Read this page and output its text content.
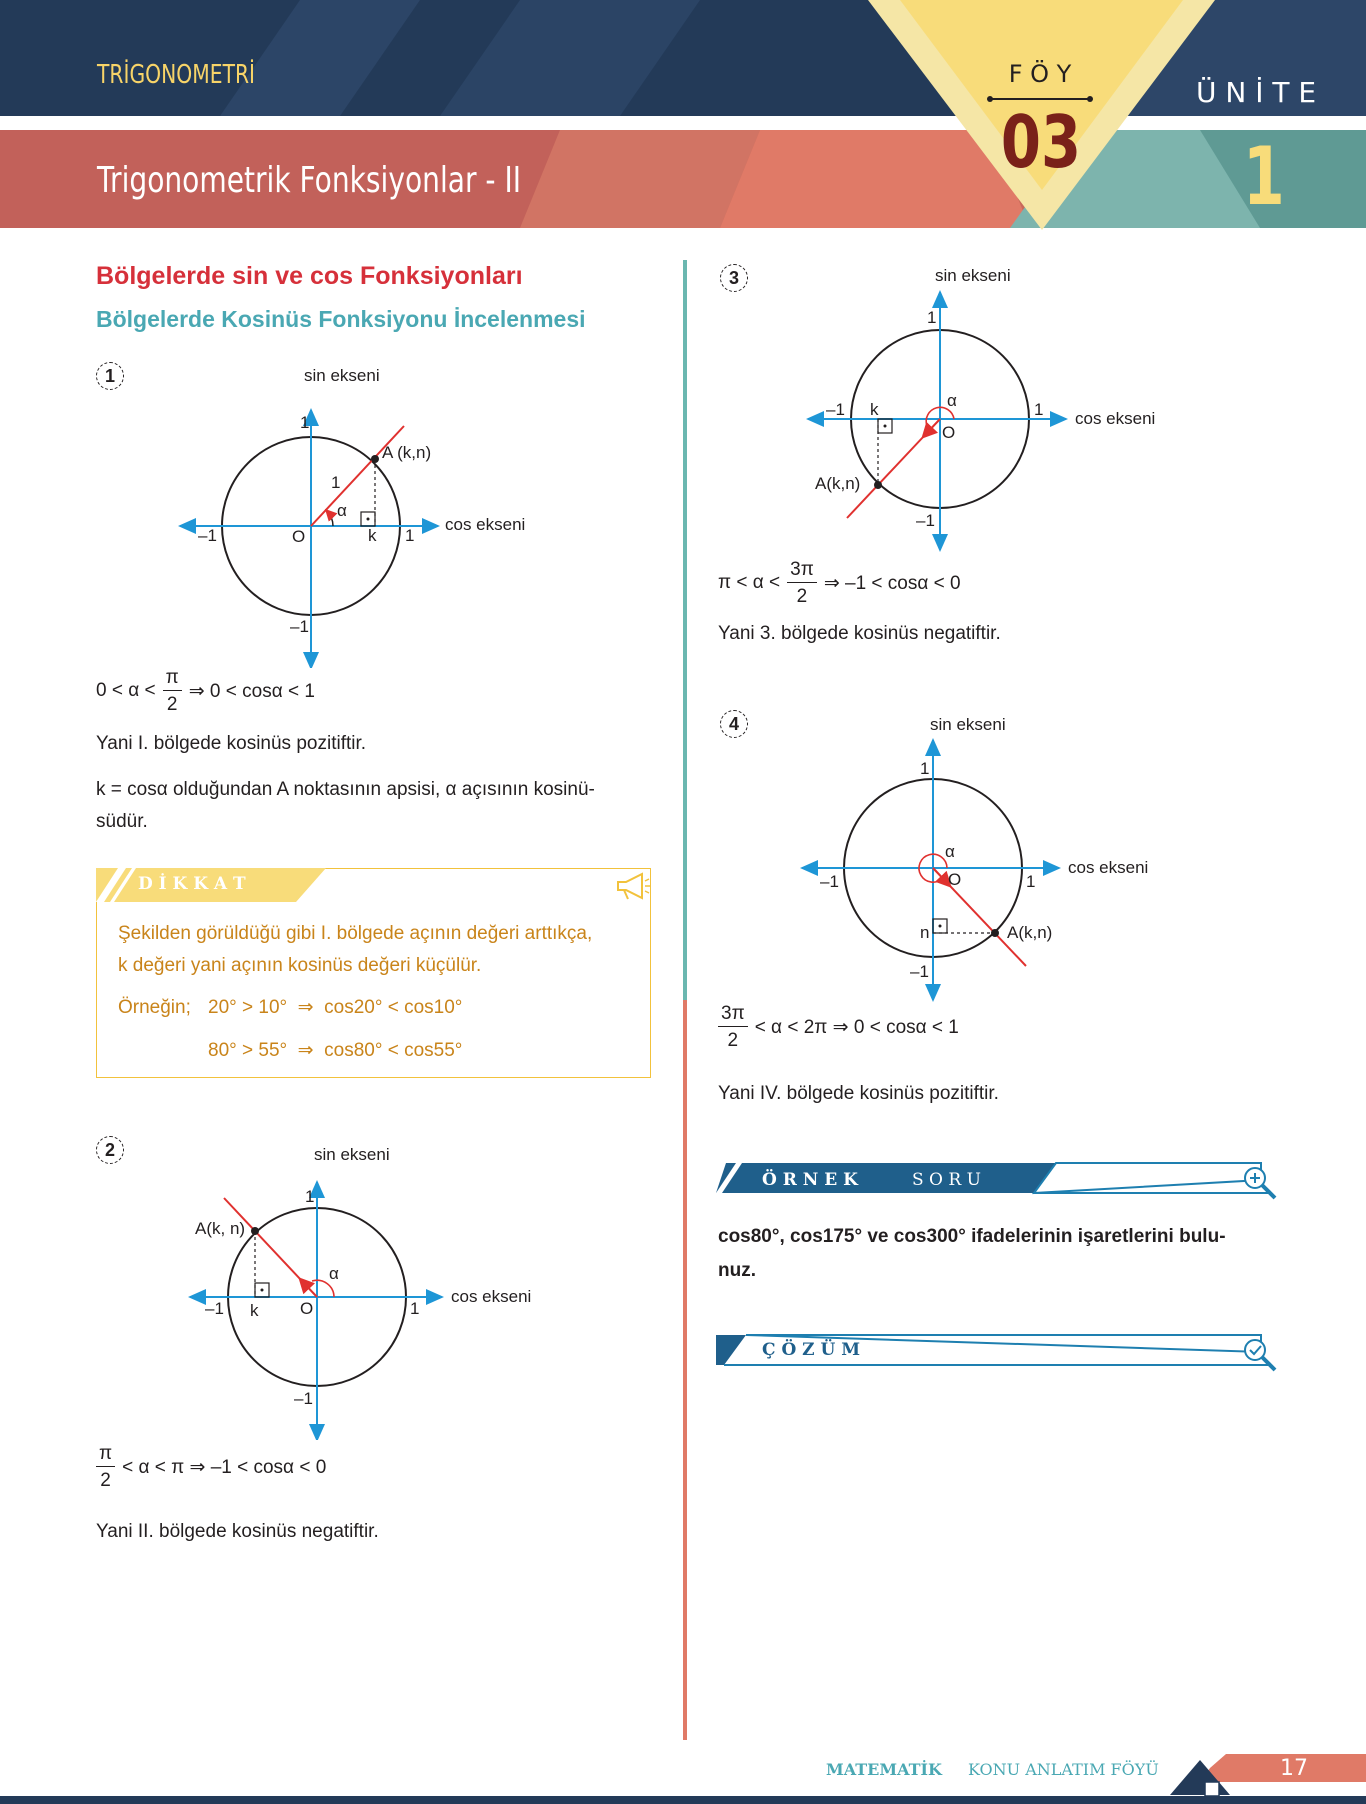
TRİGONOMETRİ
Trigonometrik Fonksiyonlar - II
F Ö Y
03
Ü N İ T E
1
Bölgelerde sin ve cos Fonksiyonları
Bölgelerde Kosinüs Fonksiyonu İncelenmesi
1	sin ekseni
cos ekseni
1
1
–1
–1
O	k
A (k,n)
1
α
$0 < \alpha < \frac{\pi}{2}$ ⇒ 0 < cosα < 1
Yani I. bölgede kosinüs pozitiftir.
k = cosα olduğundan A noktasının apsisi, α açısının kosinü-
südür.
D İ K K A T
Şekilden görüldüğü gibi I. bölgede açının değeri arttıkça,
k değeri yani açının kosinüs değeri küçülür.
Örneğin; 20° > 10°  ⇒  cos20° < cos10°
80° > 55°  ⇒  cos80° < cos55°
2	sin ekseni
cos ekseni
1
1
–1
–1
O
k
A(k, n)
α
$\frac{\pi}{2} < \alpha < \pi$ ⇒ –1 < cosα < 0
Yani II. bölgede kosinüs negatiftir.
3	sin ekseni
cos ekseni
1
1
–1
–1
O
k
A(k,n)
α
$\pi < \alpha < \frac{3\pi}{2}$ ⇒ –1 < cosα < 0
Yani 3. bölgede kosinüs negatiftir.
4	sin ekseni
cos ekseni
1
1
–1
–1
O
n	A(k,n)
α
$\frac{3\pi}{2} < \alpha < 2\pi$ ⇒ 0 < cosα < 1
Yani IV. bölgede kosinüs pozitiftir.
Ö R N E K	S O R U
cos80°, cos175° ve cos300° ifadelerinin işaretlerini bulu-
nuz.
Ç Ö Z Ü M
MATEMATİK KONU ANLATIM FÖYÜ	17
